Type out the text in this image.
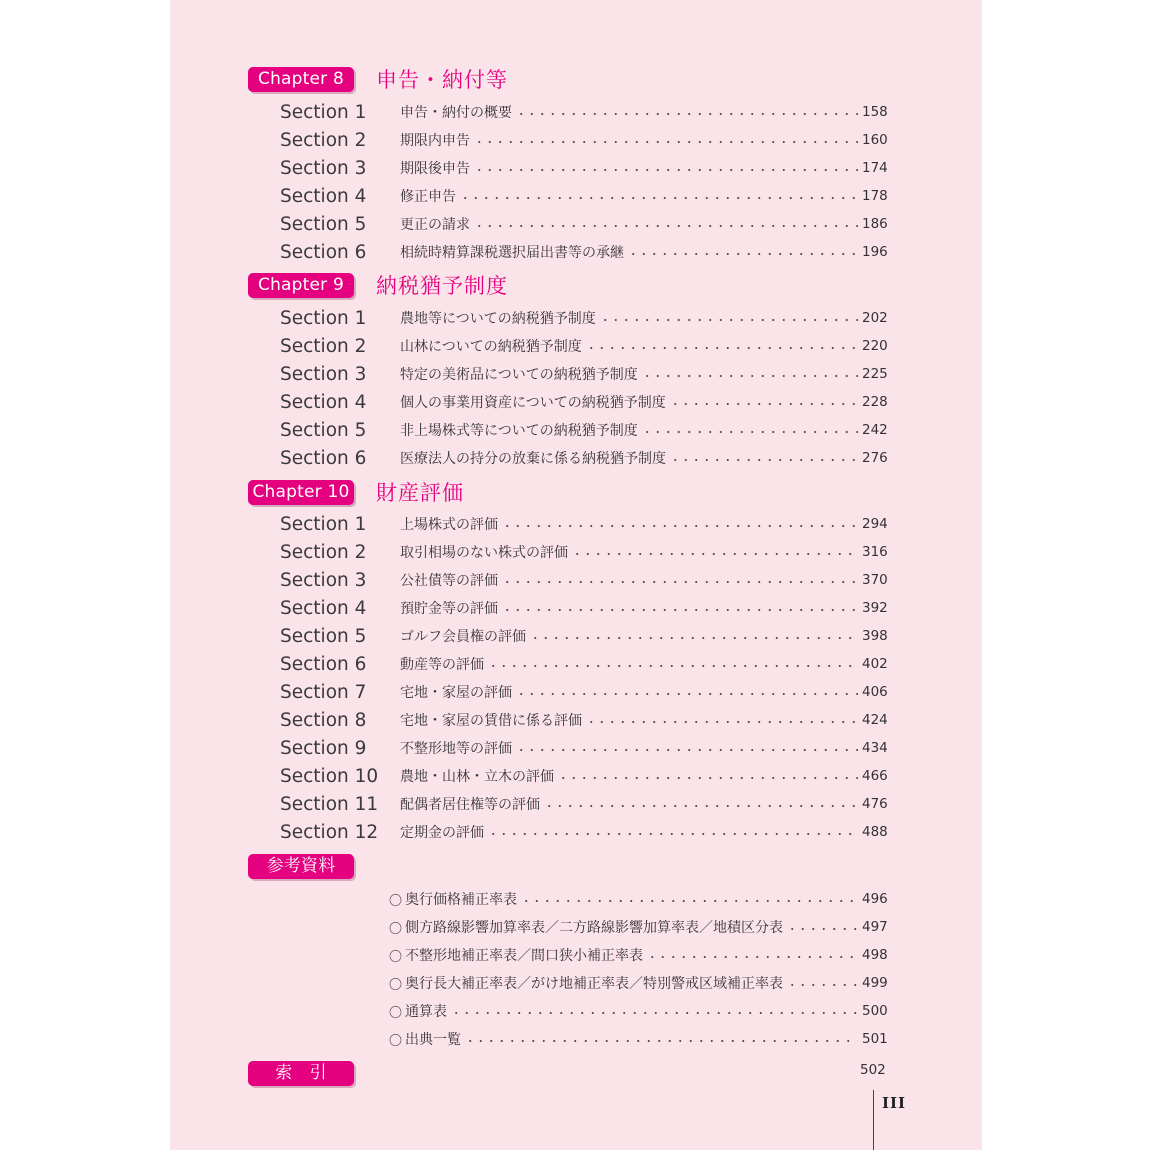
Chapter 8	申告・納付等
Section 1	申告・納付の概要	158
Section 2	期限内申告	160
Section 3	期限後申告	174
Section 4	修正申告	178
Section 5	更正の請求	186
Section 6	相続時精算課税選択届出書等の承継	196
Chapter 9	納税猶予制度
Section 1	農地等についての納税猶予制度	202
Section 2	山林についての納税猶予制度	220
Section 3	特定の美術品についての納税猶予制度	225
Section 4	個人の事業用資産についての納税猶予制度	228
Section 5	非上場株式等についての納税猶予制度	242
Section 6	医療法人の持分の放棄に係る納税猶予制度	276
Chapter 10 財産評価
Section 1	上場株式の評価	294
Section 2	取引相場のない株式の評価	316
Section 3	公社債等の評価	370
Section 4	預貯金等の評価	392
Section 5	ゴルフ会員権の評価	398
Section 6	動産等の評価	402
Section 7	宅地・家屋の評価	406
Section 8	宅地・家屋の賃借に係る評価	424
Section 9	不整形地等の評価	434
Section 10	農地・山林・立木の評価	466
Section 11	配偶者居住権等の評価	476
Section 12	定期金の評価	488
参考資料
〇 奥行価格補正率表	496
〇 側方路線影響加算率表／二方路線影響加算率表／地積区分表	497
〇 不整形地補正率表／間口狭小補正率表	498
〇 奥行長大補正率表／がけ地補正率表／特別警戒区域補正率表	499
〇 通算表	500
〇 出典一覧	501
索　引	502
III
